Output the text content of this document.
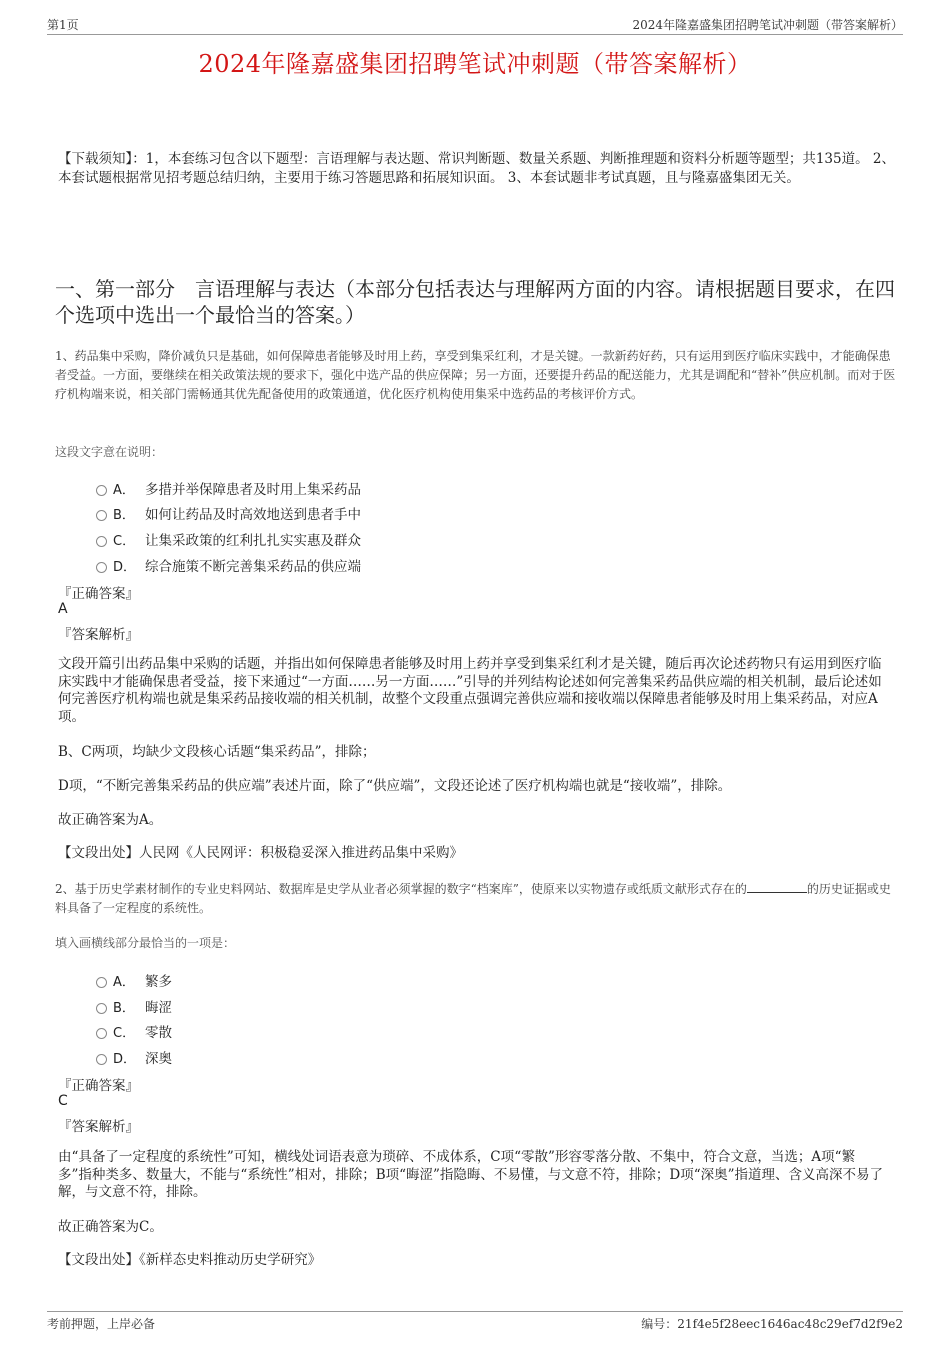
第1页	2024年隆嘉盛集团招聘笔试冲刺题（带答案解析）
2024年隆嘉盛集团招聘笔试冲刺题（带答案解析）
【下载须知】：1，本套练习包含以下题型：言语理解与表达题、常识判断题、数量关系题、判断推理题和资料分析题等题型；共135道。 2、本套试题根据常见招考题总结归纳，主要用于练习答题思路和拓展知识面。 3、本套试题非考试真题，且与隆嘉盛集团无关。
一、第一部分　言语理解与表达（本部分包括表达与理解两方面的内容。请根据题目要求，在四个选项中选出一个最恰当的答案。）
1、药品集中采购，降价减负只是基础，如何保障患者能够及时用上药，享受到集采红利，才是关键。一款新药好药，只有运用到医疗临床实践中，才能确保患者受益。一方面，要继续在相关政策法规的要求下，强化中选产品的供应保障；另一方面，还要提升药品的配送能力，尤其是调配和“替补”供应机制。而对于医疗机构端来说，相关部门需畅通其优先配备使用的政策通道，优化医疗机构使用集采中选药品的考核评价方式。
这段文字意在说明：
A． 多措并举保障患者及时用上集采药品
B． 如何让药品及时高效地送到患者手中
C． 让集采政策的红利扎扎实实惠及群众
D． 综合施策不断完善集采药品的供应端
『正确答案』
A
『答案解析』
文段开篇引出药品集中采购的话题，并指出如何保障患者能够及时用上药并享受到集采红利才是关键，随后再次论述药物只有运用到医疗临床实践中才能确保患者受益，接下来通过“一方面……另一方面……”引导的并列结构论述如何完善集采药品供应端的相关机制，最后论述如何完善医疗机构端也就是集采药品接收端的相关机制，故整个文段重点强调完善供应端和接收端以保障患者能够及时用上集采药品，对应A项。
B、C两项，均缺少文段核心话题“集采药品”，排除；
D项，“不断完善集采药品的供应端”表述片面，除了“供应端”，文段还论述了医疗机构端也就是“接收端”，排除。
故正确答案为A。
【文段出处】人民网《人民网评：积极稳妥深入推进药品集中采购》
2、基于历史学素材制作的专业史料网站、数据库是史学从业者必须掌握的数字“档案库”，使原来以实物遗存或纸质文献形式存在的	的历史证据或史料具备了一定程度的系统性。
填入画横线部分最恰当的一项是：
A． 繁多
B． 晦涩
C． 零散
D． 深奥
『正确答案』
C
『答案解析』
由“具备了一定程度的系统性”可知，横线处词语表意为琐碎、不成体系，C项“零散”形容零落分散、不集中，符合文意，当选；A项“繁多”指种类多、数量大，不能与“系统性”相对，排除；B项“晦涩”指隐晦、不易懂，与文意不符，排除；D项“深奥”指道理、含义高深不易了解，与文意不符，排除。
故正确答案为C。
【文段出处】《新样态史料推动历史学研究》
考前押题，上岸必备	编号：21f4e5f28eec1646ac48c29ef7d2f9e2
